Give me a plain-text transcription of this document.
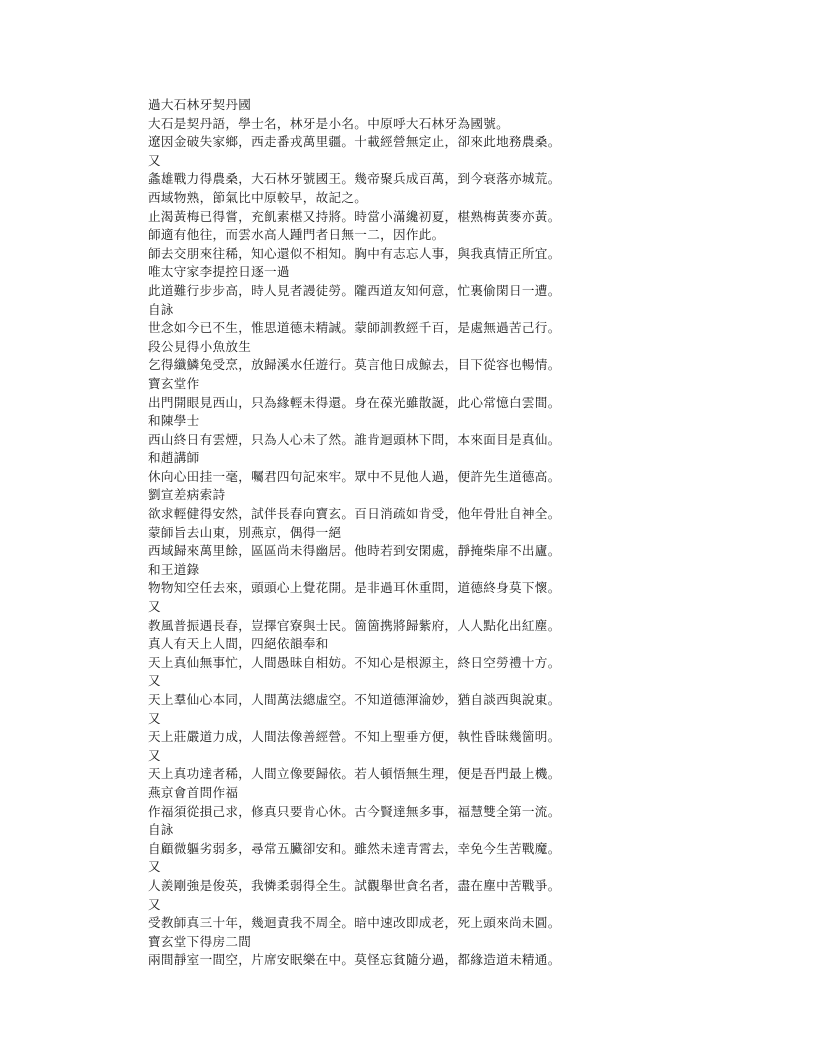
過大石林牙契丹國
大石是契丹語，學士名，林牙是小名。中原呼大石林牙為國號。
遼因金破失家鄉，西走番戎萬里疆。十載經營無定止，卻來此地務農桑。
又
螽雄戰力得農桑，大石林牙號國王。幾帝聚兵成百萬，到今衰落亦城荒。
西域物熟，節氣比中原較早，故記之。
止渴黃梅已得嘗，充飢素椹又持將。時當小滿纔初夏，椹熟梅黃麥亦黃。
師適有他往，而雲水高人踵門者日無一二，因作此。
師去交朋來往稀，知心還似不相知。胸中有志忘人事，與我真情正所宜。
唯太守家李提控日逐一過
此道難行步步高，時人見者謾徒勞。隴西道友知何意，忙裏偷閑日一遭。
自詠
世念如今已不生，惟思道德未精誠。蒙師訓教經千百，是處無過苦己行。
段公見得小魚放生
乞得纖鱗兔受烹，放歸溪水任遊行。莫言他日成鯨去，目下從容也暢情。
寶玄堂作
出門開眼見西山，只為緣輕未得還。身在葆光雖散誕，此心常憶白雲間。
和陳學士
西山終日有雲煙，只為人心未了然。誰肯迴頭林下問，本來面目是真仙。
和趙講師
休向心田挂一毫，囑君四句記來牢。眾中不見他人過，便許先生道德高。
劉宣差病索詩
欲求輕健得安然，試伴長春向寶玄。百日消疏如肯受，他年骨壯自神全。
蒙師旨去山東，別燕京，偶得一絕
西域歸來萬里餘，區區尚未得幽居。他時若到安閑處，靜掩柴扉不出廬。
和王道錄
物物知空任去來，頭頭心上覺花開。是非過耳休重問，道德終身莫下懷。
又
教風普振遇長春，豈擇官寮與士民。箇箇携將歸紫府，人人點化出紅塵。
真人有天上人間，四絕依韻奉和
天上真仙無事忙，人間愚昧自相妨。不知心是根源主，終日空勞禮十方。
又
天上羣仙心本同，人間萬法總虛空。不知道德渾淪妙，猶自談西與說東。
又
天上莊嚴道力成，人間法像善經營。不知上聖垂方便，執性昏昧幾箇明。
又
天上真功達者稀，人間立像要歸依。若人頓悟無生理，便是吾門最上機。
燕京會首問作福
作福須從損己求，修真只要肯心休。古今賢達無多事，福慧雙全第一流。
自詠
自顧微軀劣弱多，尋常五臟卻安和。雖然未達青霄去，幸免今生苦戰魔。
又
人羨剛強是俊英，我憐柔弱得全生。試觀舉世貪名者，盡在塵中苦戰爭。
又
受教師真三十年，幾迴責我不周全。暗中速改即成老，死上頭來尚未圓。
寶玄堂下得房二間
兩間靜室一間空，片席安眠樂在中。莫怪忘貧隨分過，都緣造道未精通。
